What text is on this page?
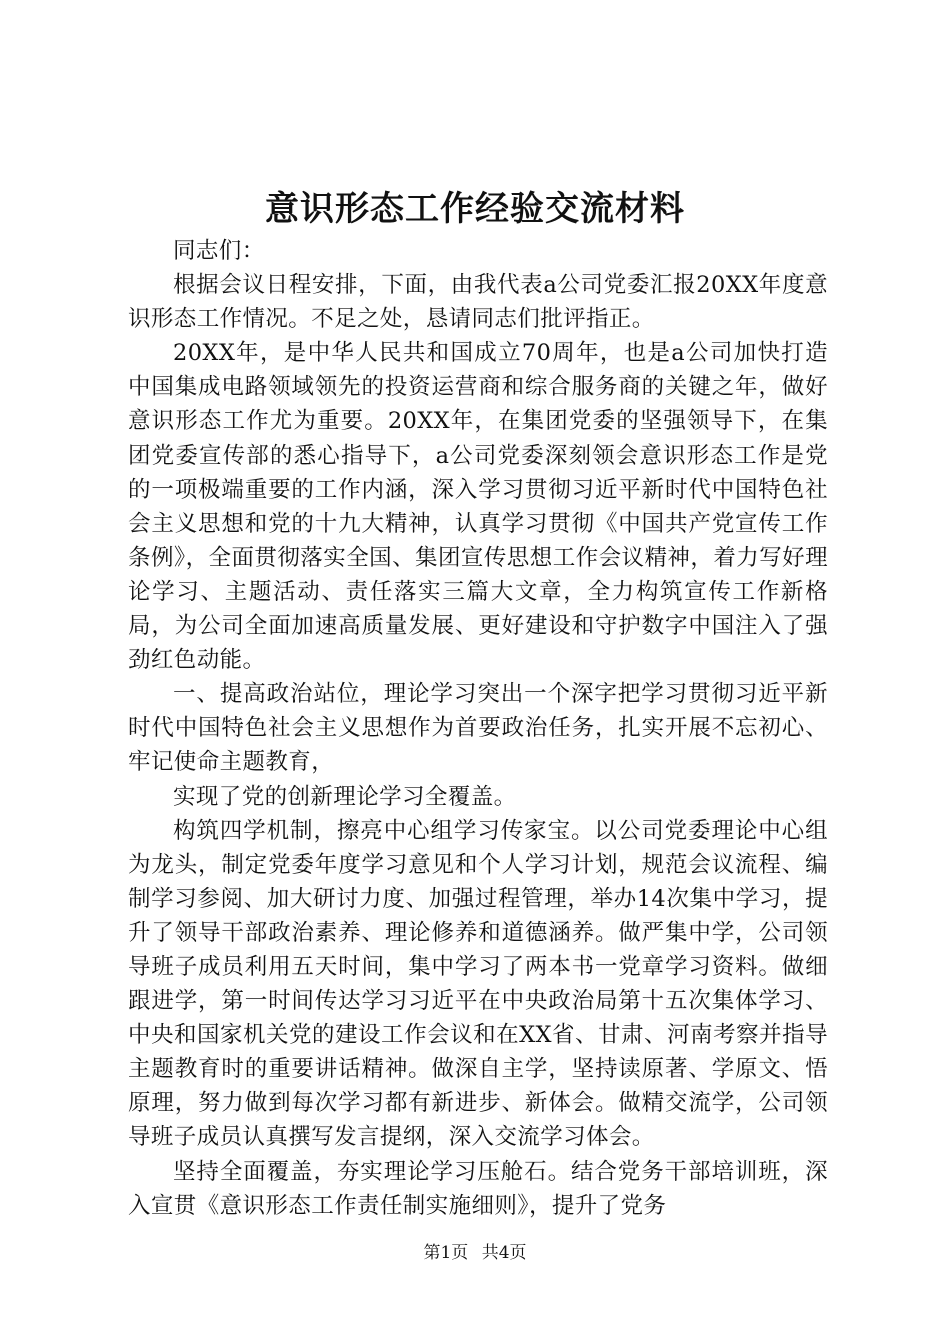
意识形态工作经验交流材料

同志们：

根据会议日程安排，下面，由我代表a公司党委汇报20XX年度意识形态工作情况。不足之处，恳请同志们批评指正。

20XX年，是中华人民共和国成立70周年，也是a公司加快打造中国集成电路领域领先的投资运营商和综合服务商的关键之年，做好意识形态工作尤为重要。20XX年，在集团党委的坚强领导下，在集团党委宣传部的悉心指导下，a公司党委深刻领会意识形态工作是党的一项极端重要的工作内涵，深入学习贯彻习近平新时代中国特色社会主义思想和党的十九大精神，认真学习贯彻《中国共产党宣传工作条例》，全面贯彻落实全国、集团宣传思想工作会议精神，着力写好理论学习、主题活动、责任落实三篇大文章，全力构筑宣传工作新格局，为公司全面加速高质量发展、更好建设和守护数字中国注入了强劲红色动能。

一、提高政治站位，理论学习突出一个深字把学习贯彻习近平新时代中国特色社会主义思想作为首要政治任务，扎实开展不忘初心、牢记使命主题教育，

实现了党的创新理论学习全覆盖。

构筑四学机制，擦亮中心组学习传家宝。以公司党委理论中心组为龙头，制定党委年度学习意见和个人学习计划，规范会议流程、编制学习参阅、加大研讨力度、加强过程管理，举办14次集中学习，提升了领导干部政治素养、理论修养和道德涵养。做严集中学，公司领导班子成员利用五天时间，集中学习了两本书一党章学习资料。做细跟进学，第一时间传达学习习近平在中央政治局第十五次集体学习、中央和国家机关党的建设工作会议和在XX省、甘肃、河南考察并指导主题教育时的重要讲话精神。做深自主学，坚持读原著、学原文、悟原理，努力做到每次学习都有新进步、新体会。做精交流学，公司领导班子成员认真撰写发言提纲，深入交流学习体会。

坚持全面覆盖，夯实理论学习压舱石。结合党务干部培训班，深入宣贯《意识形态工作责任制实施细则》，提升了党务

第1页 共4页
